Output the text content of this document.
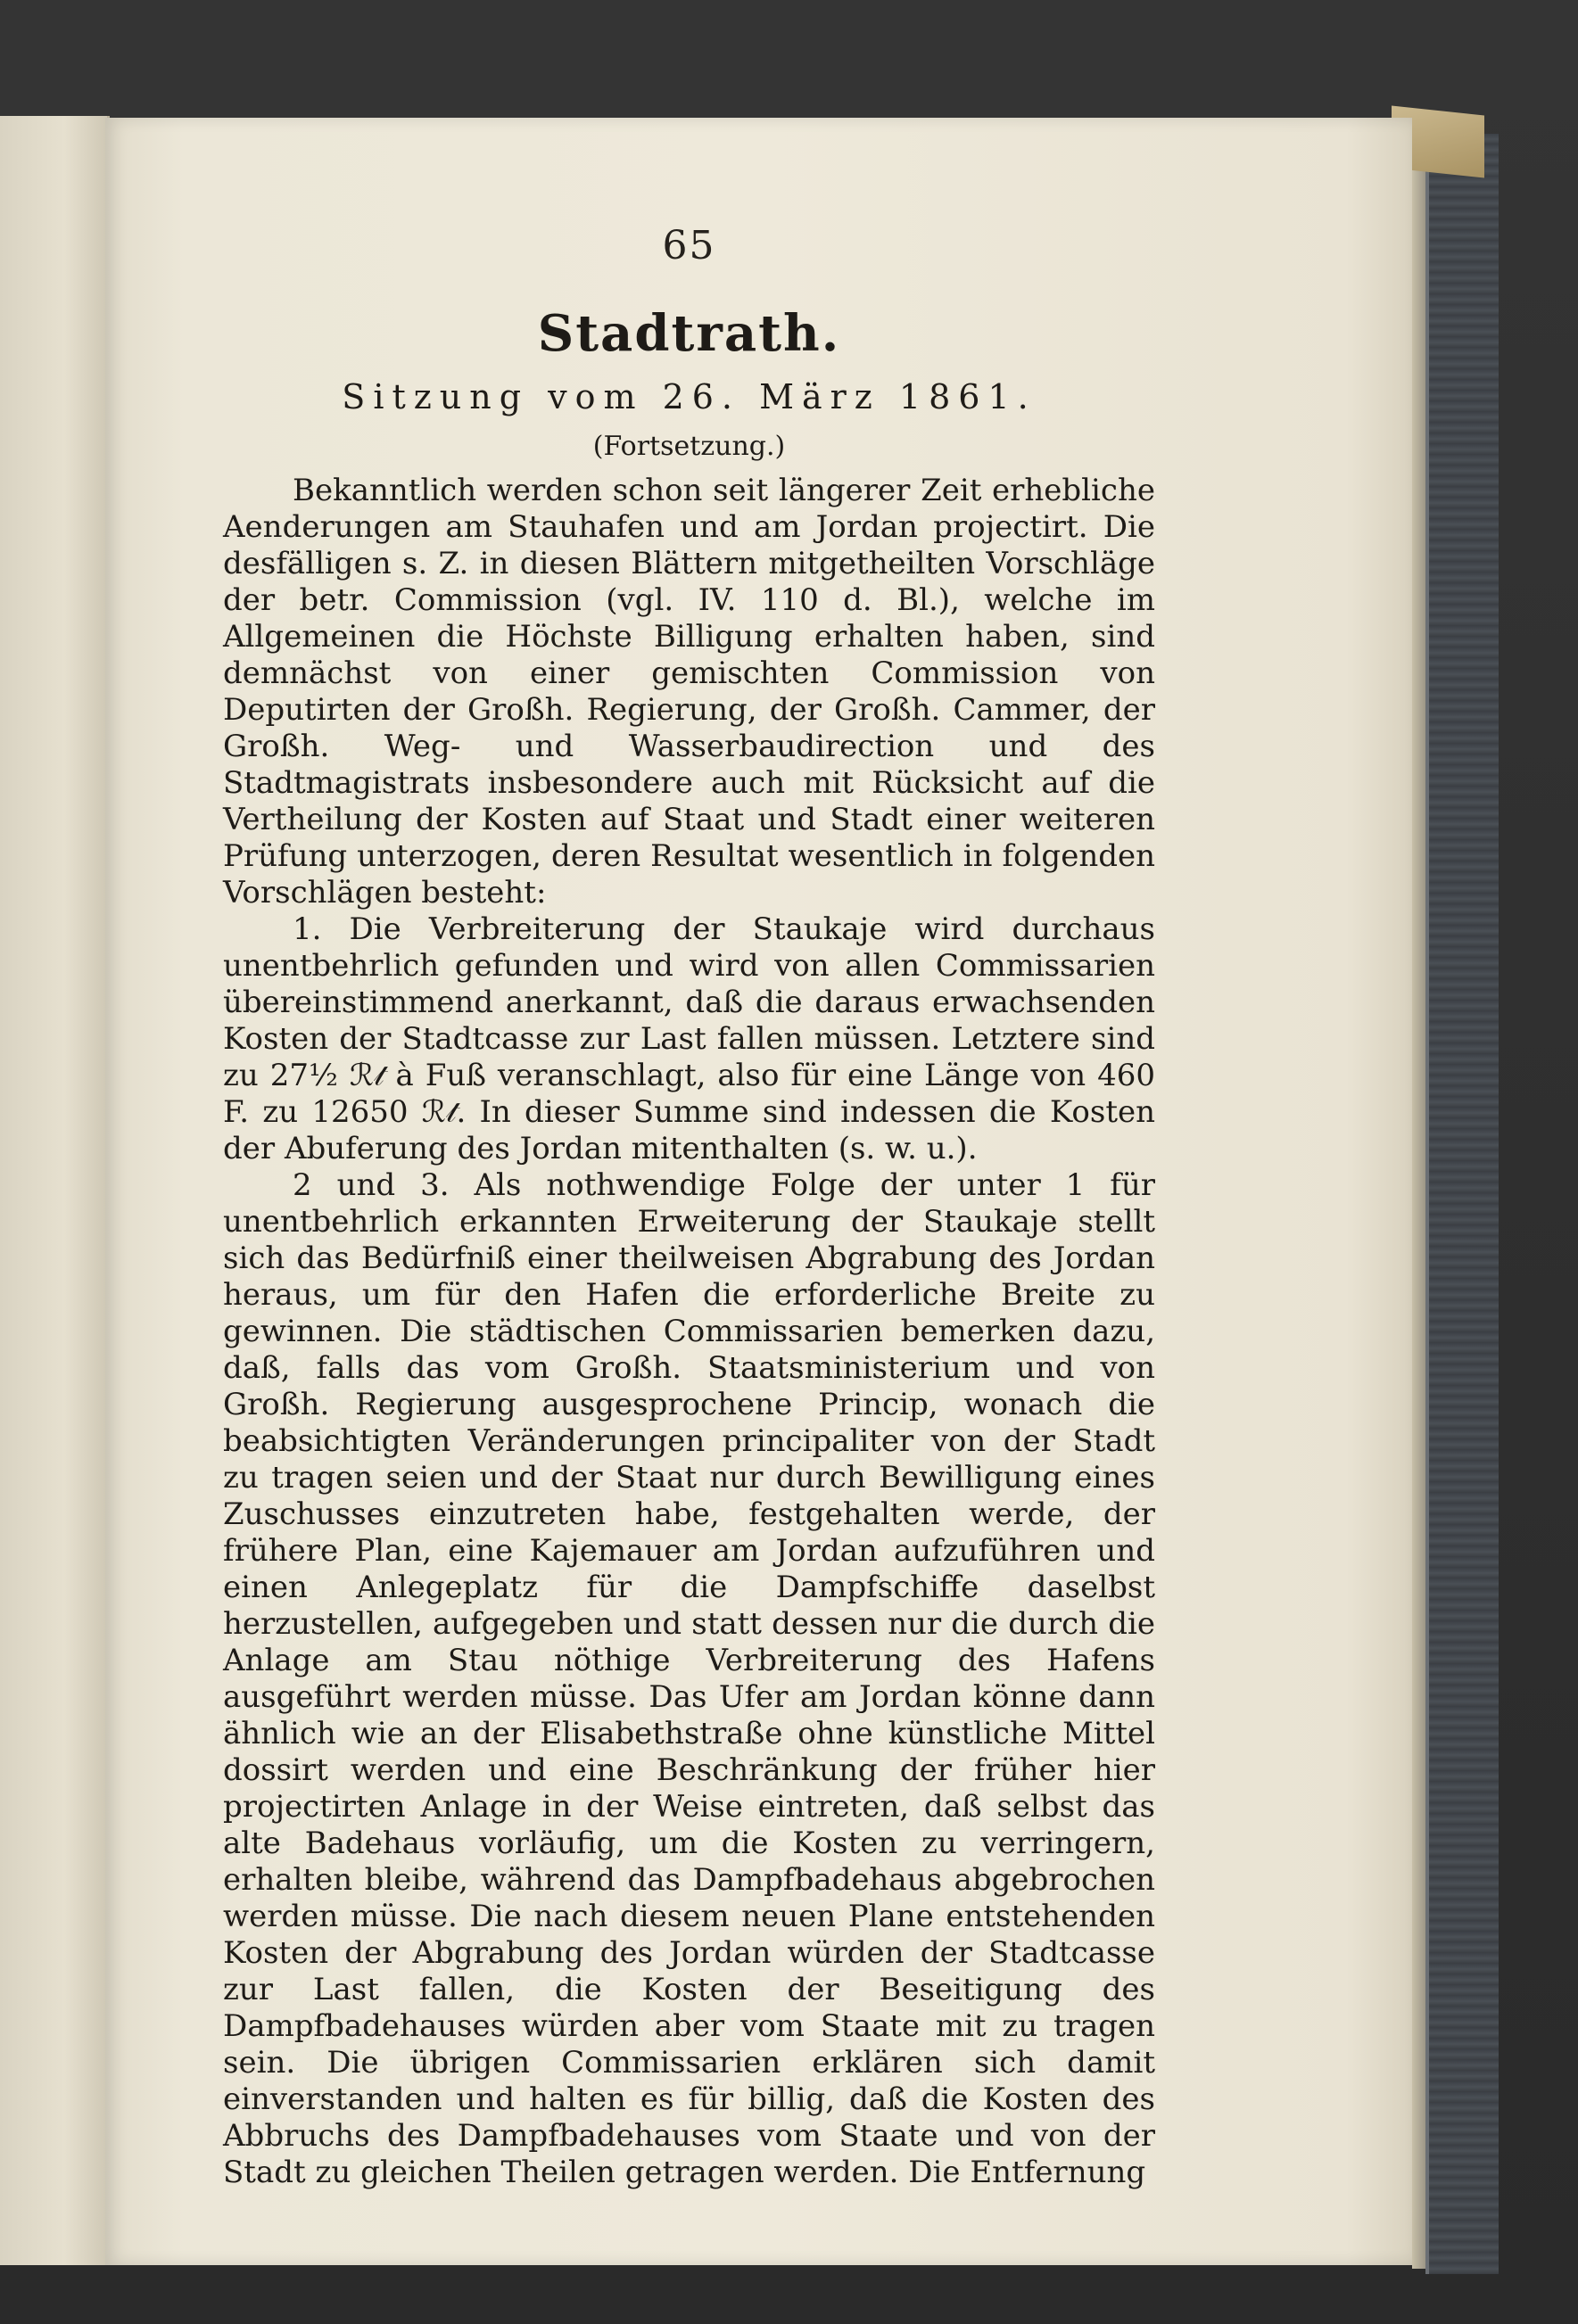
65
Stadtrath.
Sitzung vom 26. März 1861.
(Fortsetzung.)

Bekanntlich werden schon seit längerer Zeit erhebliche Aenderungen am Stauhafen und am Jordan projectirt. Die desfälligen s. Z. in diesen Blättern mitgetheilten Vorschläge der betr. Commission (vgl. IV. 110 d. Bl.), welche im Allgemeinen die Höchste Billigung erhalten haben, sind demnächst von einer gemischten Commission von Deputirten der Großh. Regierung, der Großh. Cammer, der Großh. Weg- und Wasserbaudirection und des Stadtmagistrats insbesondere auch mit Rücksicht auf die Vertheilung der Kosten auf Staat und Stadt einer weiteren Prüfung unterzogen, deren Resultat wesentlich in folgenden Vorschlägen besteht:

1. Die Verbreiterung der Staukaje wird durchaus unentbehrlich gefunden und wird von allen Commissarien übereinstimmend anerkannt, daß die daraus erwachsenden Kosten der Stadtcasse zur Last fallen müssen. Letztere sind zu 27½ ℛ𝓉 à Fuß veranschlagt, also für eine Länge von 460 F. zu 12650 ℛ𝓉. In dieser Summe sind indessen die Kosten der Abuferung des Jordan mitenthalten (s. w. u.).

2 und 3. Als nothwendige Folge der unter 1 für unentbehrlich erkannten Erweiterung der Staukaje stellt sich das Bedürfniß einer theilweisen Abgrabung des Jordan heraus, um für den Hafen die erforderliche Breite zu gewinnen. Die städtischen Commissarien bemerken dazu, daß, falls das vom Großh. Staatsministerium und von Großh. Regierung ausgesprochene Princip, wonach die beabsichtigten Veränderungen principaliter von der Stadt zu tragen seien und der Staat nur durch Bewilligung eines Zuschusses einzutreten habe, festgehalten werde, der frühere Plan, eine Kajemauer am Jordan aufzuführen und einen Anlegeplatz für die Dampfschiffe daselbst herzustellen, aufgegeben und statt dessen nur die durch die Anlage am Stau nöthige Verbreiterung des Hafens ausgeführt werden müsse. Das Ufer am Jordan könne dann ähnlich wie an der Elisabethstraße ohne künstliche Mittel dossirt werden und eine Beschränkung der früher hier projectirten Anlage in der Weise eintreten, daß selbst das alte Badehaus vorläufig, um die Kosten zu verringern, erhalten bleibe, während das Dampfbadehaus abgebrochen werden müsse. Die nach diesem neuen Plane entstehenden Kosten der Abgrabung des Jordan würden der Stadtcasse zur Last fallen, die Kosten der Beseitigung des Dampfbadehauses würden aber vom Staate mit zu tragen sein. Die übrigen Commissarien erklären sich damit einverstanden und halten es für billig, daß die Kosten des Abbruchs des Dampfbadehauses vom Staate und von der Stadt zu gleichen Theilen getragen werden. Die Entfernung
